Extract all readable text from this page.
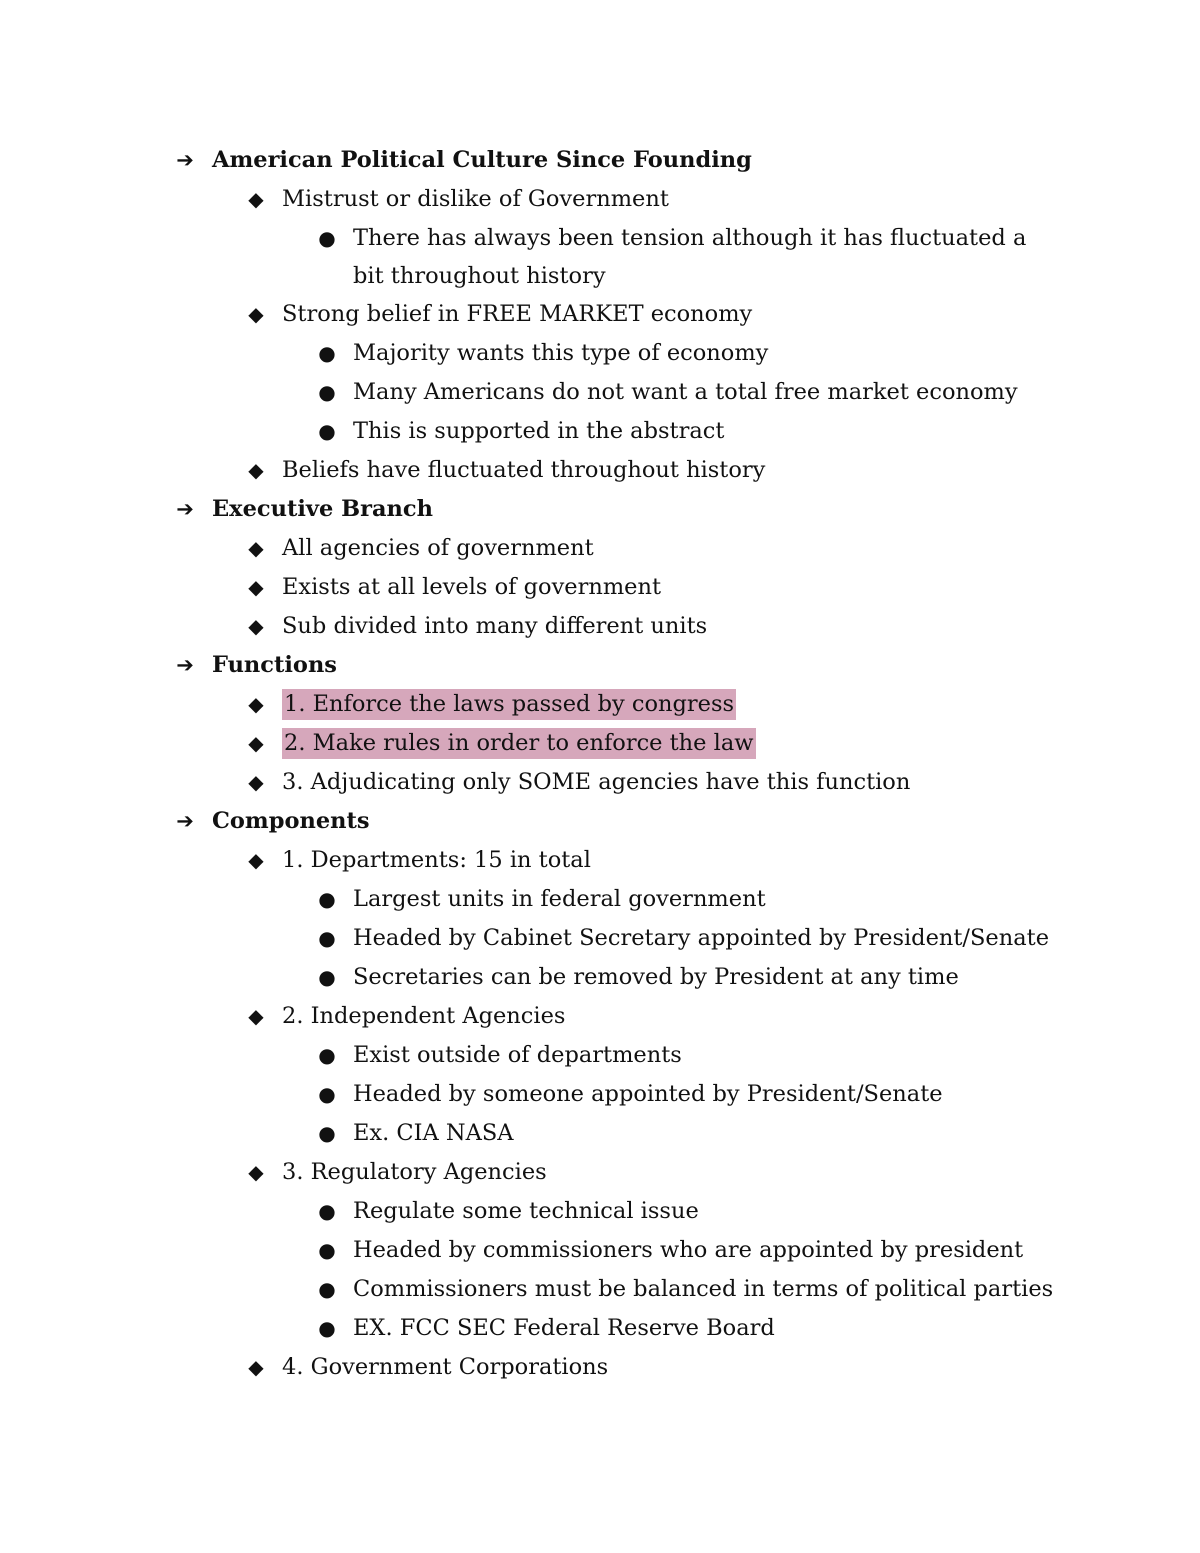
➔ American Political Culture Since Founding
◆ Mistrust or dislike of Government
● There has always been tension although it has fluctuated a bit throughout history
◆ Strong belief in FREE MARKET economy
● Majority wants this type of economy
● Many Americans do not want a total free market economy
● This is supported in the abstract
◆ Beliefs have fluctuated throughout history
➔ Executive Branch
◆ All agencies of government
◆ Exists at all levels of government
◆ Sub divided into many different units
➔ Functions
◆ 1. Enforce the laws passed by congress
◆ 2. Make rules in order to enforce the law
◆ 3. Adjudicating only SOME agencies have this function
➔ Components
◆ 1. Departments: 15 in total
● Largest units in federal government
● Headed by Cabinet Secretary appointed by President/Senate
● Secretaries can be removed by President at any time
◆ 2. Independent Agencies
● Exist outside of departments
● Headed by someone appointed by President/Senate
● Ex. CIA NASA
◆ 3. Regulatory Agencies
● Regulate some technical issue
● Headed by commissioners who are appointed by president
● Commissioners must be balanced in terms of political parties
● EX. FCC SEC Federal Reserve Board
◆ 4. Government Corporations
